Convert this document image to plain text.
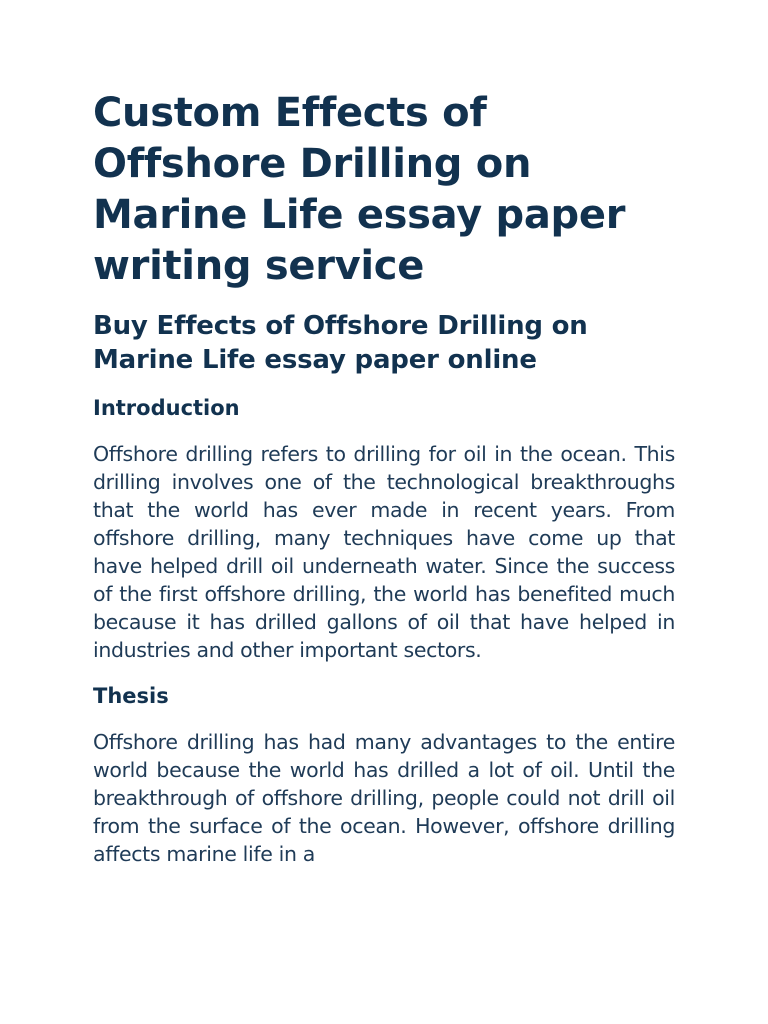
Custom Effects of Offshore Drilling on Marine Life essay paper writing service
Buy Effects of Offshore Drilling on Marine Life essay paper online
Introduction

Offshore drilling refers to drilling for oil in the ocean. This drilling involves one of the technological breakthroughs that the world has ever made in recent years. From offshore drilling, many techniques have come up that have helped drill oil underneath water. Since the success of the first offshore drilling, the world has benefited much because it has drilled gallons of oil that have helped in industries and other important sectors.

Thesis

Offshore drilling has had many advantages to the entire world because the world has drilled a lot of oil. Until the breakthrough of offshore drilling, people could not drill oil from the surface of the ocean. However, offshore drilling affects marine life in a
